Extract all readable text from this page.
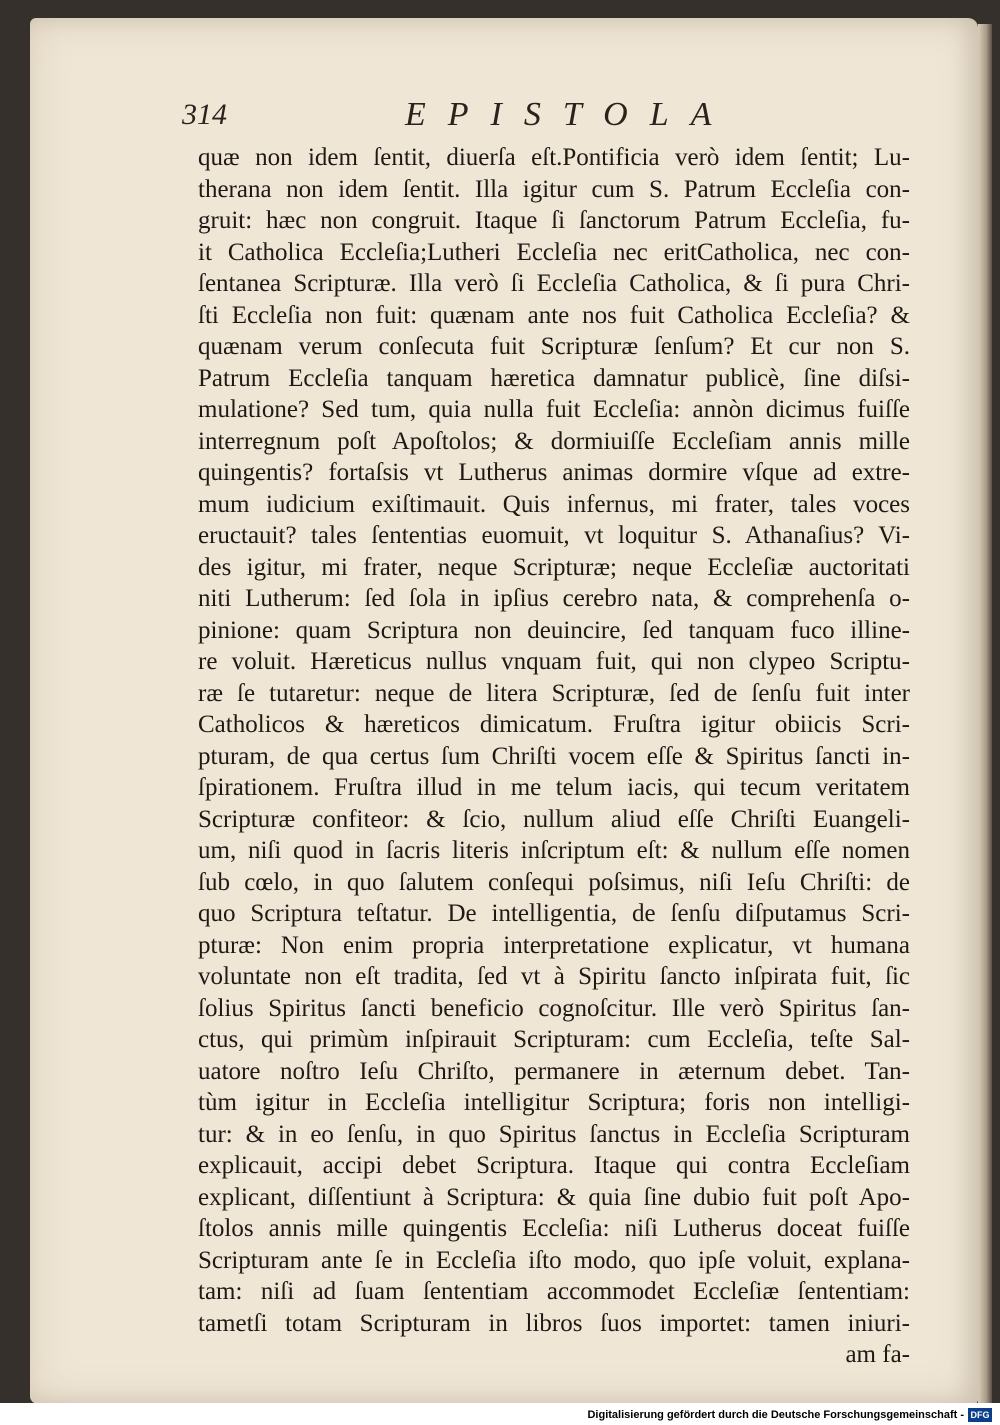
314	EPISTOLA
quæ non idem ſentit, diuerſa eſt.Pontificia verò idem ſentit; Lu-
therana non idem ſentit. Illa igitur cum S. Patrum Eccleſia con-
gruit: hæc non congruit. Itaque ſi ſanctorum Patrum Eccleſia, fu-
it Catholica Eccleſia;Lutheri Eccleſia nec eritCatholica, nec con-
ſentanea Scripturæ. Illa verò ſi Eccleſia Catholica, & ſi pura Chri-
ſti Eccleſia non fuit: quænam ante nos fuit Catholica Eccleſia? &
quænam verum conſecuta fuit Scripturæ ſenſum? Et cur non S.
Patrum Eccleſia tanquam hæretica damnatur publicè, ſine diſsi-
mulatione? Sed tum, quia nulla fuit Eccleſia: annòn dicimus fuiſſe
interregnum poſt Apoſtolos; & dormiuiſſe Eccleſiam annis mille
quingentis? fortaſsis vt Lutherus animas dormire vſque ad extre-
mum iudicium exiſtimauit. Quis infernus, mi frater, tales voces
eructauit? tales ſententias euomuit, vt loquitur S. Athanaſius? Vi-
des igitur, mi frater, neque Scripturæ; neque Eccleſiæ auctoritati
niti Lutherum: ſed ſola in ipſius cerebro nata, & comprehenſa o-
pinione: quam Scriptura non deuincire, ſed tanquam fuco illine-
re voluit. Hæreticus nullus vnquam fuit, qui non clypeo Scriptu-
ræ ſe tutaretur: neque de litera Scripturæ, ſed de ſenſu fuit inter
Catholicos & hæreticos dimicatum. Fruſtra igitur obiicis Scri-
pturam, de qua certus ſum Chriſti vocem eſſe & Spiritus ſancti in-
ſpirationem. Fruſtra illud in me telum iacis, qui tecum veritatem
Scripturæ confiteor: & ſcio, nullum aliud eſſe Chriſti Euangeli-
um, niſi quod in ſacris literis inſcriptum eſt: & nullum eſſe nomen
ſub cœlo, in quo ſalutem conſequi poſsimus, niſi Ieſu Chriſti: de
quo Scriptura teſtatur. De intelligentia, de ſenſu diſputamus Scri-
pturæ: Non enim propria interpretatione explicatur, vt humana
voluntate non eſt tradita, ſed vt à Spiritu ſancto inſpirata fuit, ſic
ſolius Spiritus ſancti beneficio cognoſcitur. Ille verò Spiritus ſan-
ctus, qui primùm inſpirauit Scripturam: cum Eccleſia, teſte Sal-
uatore noſtro Ieſu Chriſto, permanere in æternum debet. Tan-
tùm igitur in Eccleſia intelligitur Scriptura; foris non intelligi-
tur: & in eo ſenſu, in quo Spiritus ſanctus in Eccleſia Scripturam
explicauit, accipi debet Scriptura. Itaque qui contra Eccleſiam
explicant, diſſentiunt à Scriptura: & quia ſine dubio fuit poſt Apo-
ſtolos annis mille quingentis Eccleſia: niſi Lutherus doceat fuiſſe
Scripturam ante ſe in Eccleſia iſto modo, quo ipſe voluit, explana-
tam: niſi ad ſuam ſententiam accommodet Eccleſiæ ſententiam:
tametſi totam Scripturam in libros ſuos importet: tamen iniuri-
am fa-
Digitalisierung gefördert durch die Deutsche Forschungsgemeinschaft - DFG
